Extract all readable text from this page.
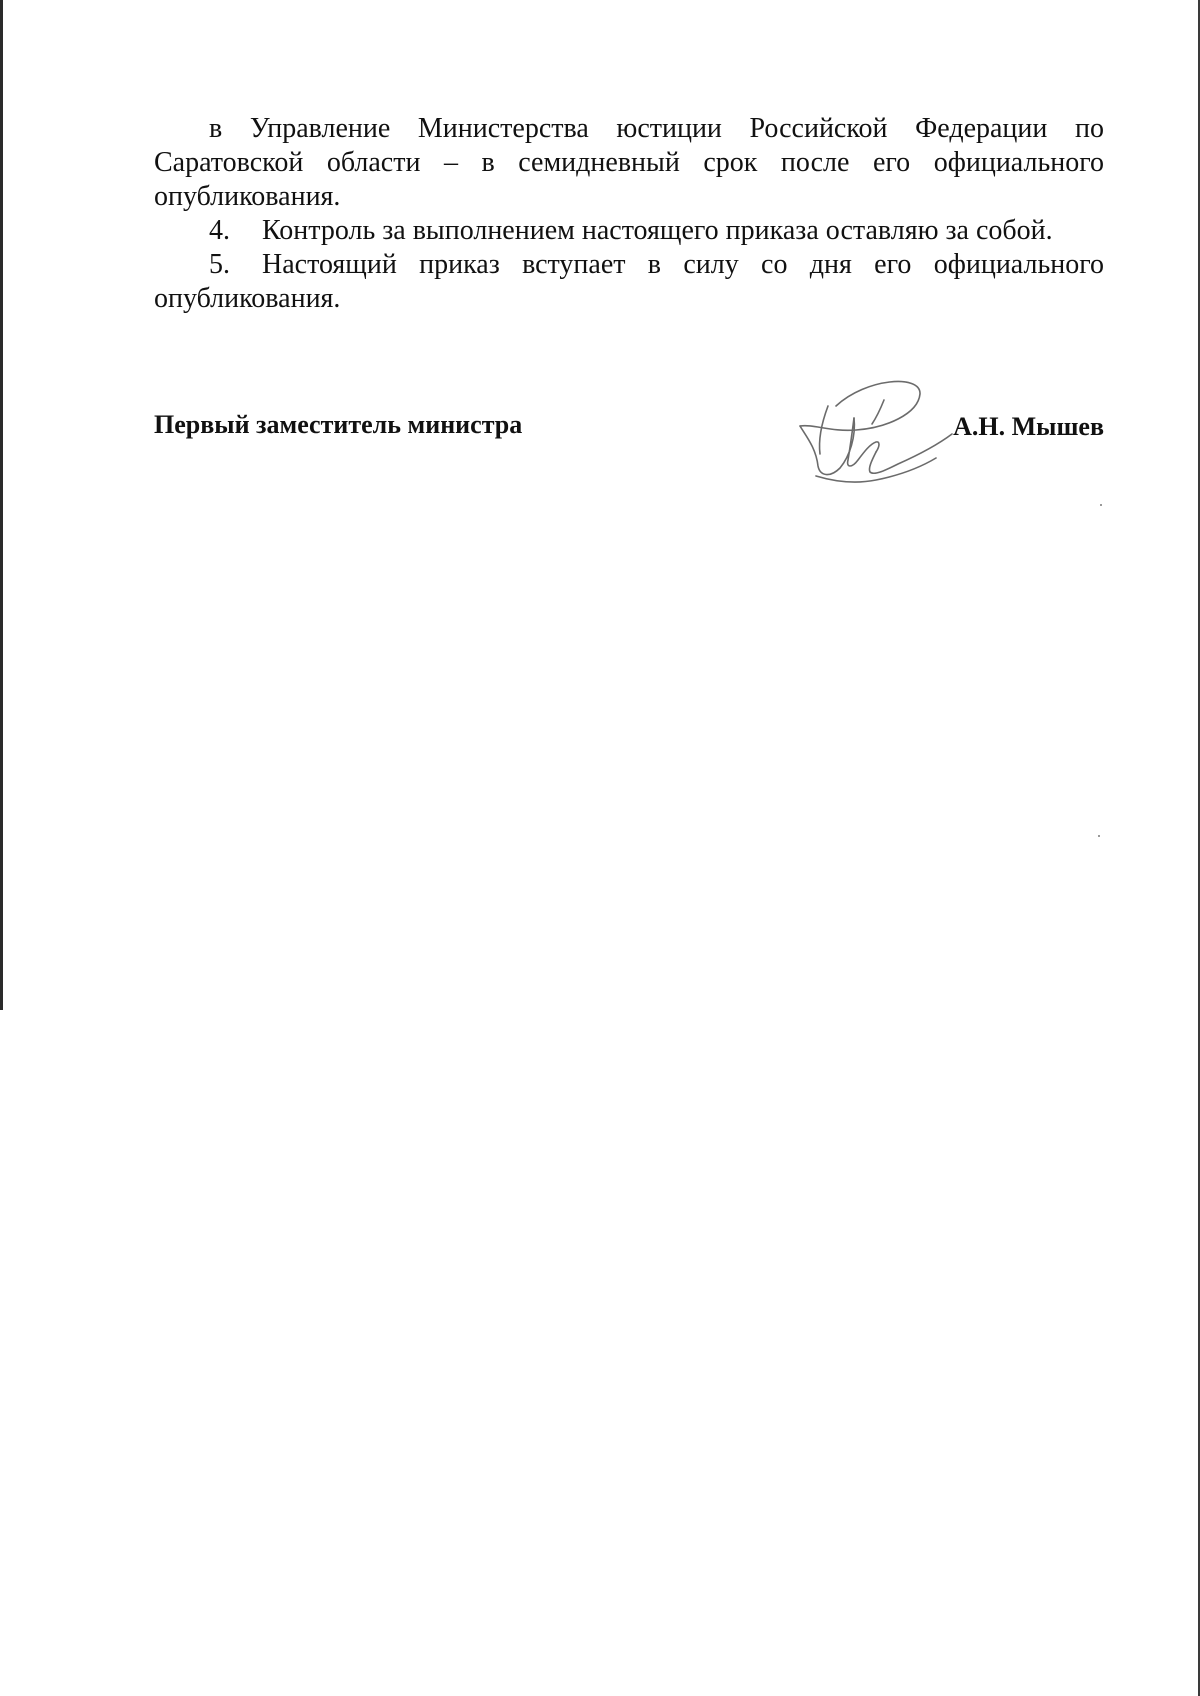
в Управление Министерства юстиции Российской Федерации по Саратовской области – в семидневный срок после его официального опубликования.

4. Контроль за выполнением настоящего приказа оставляю за собой.

5. Настоящий приказ вступает в силу со дня его официального опубликования.

Первый заместитель министра	А.Н. Мышев
